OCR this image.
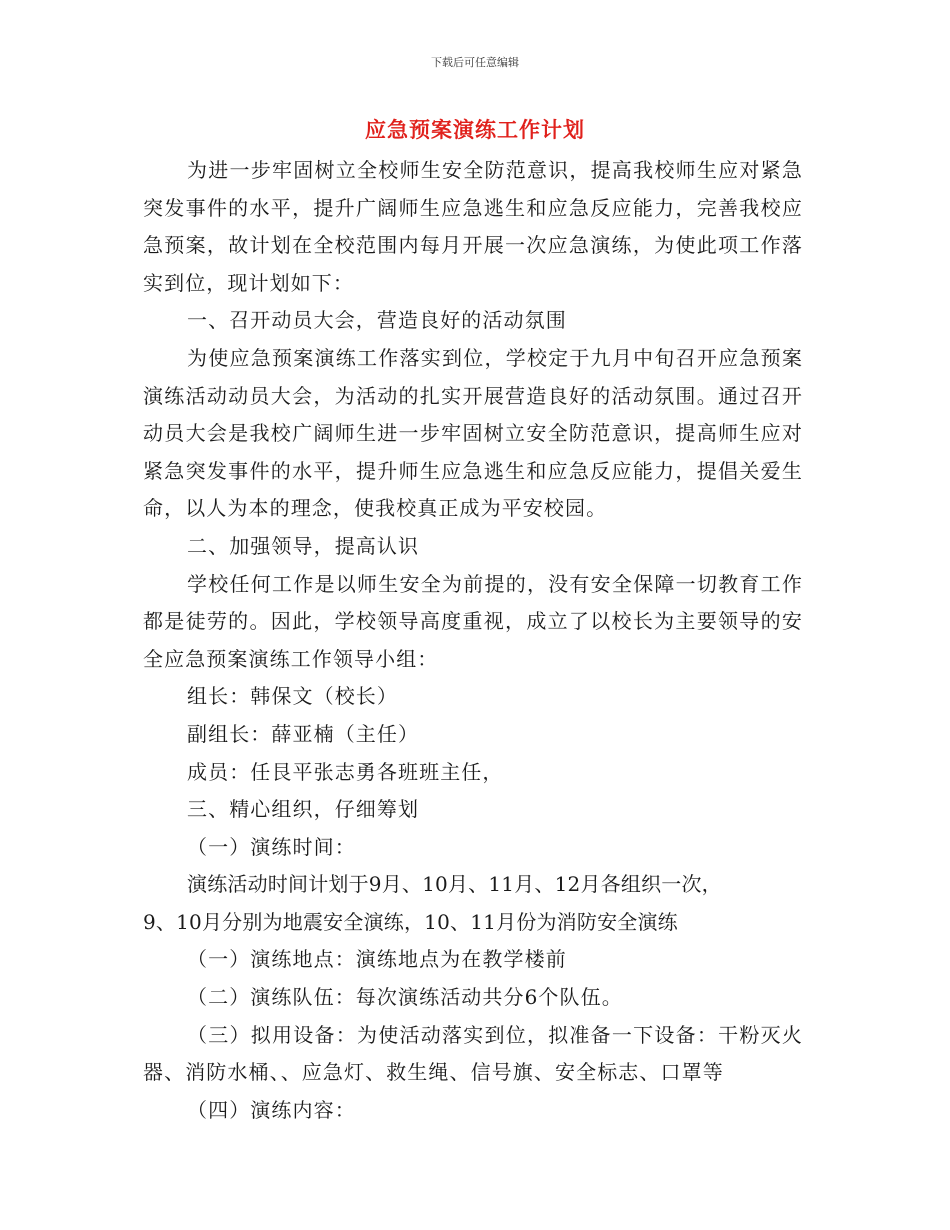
下载后可任意编辑
应急预案演练工作计划

为进一步牢固树立全校师生安全防范意识，提高我校师生应对紧急突发事件的水平，提升广阔师生应急逃生和应急反应能力，完善我校应急预案，故计划在全校范围内每月开展一次应急演练，为使此项工作落实到位，现计划如下：

一、召开动员大会，营造良好的活动氛围

为使应急预案演练工作落实到位，学校定于九月中旬召开应急预案演练活动动员大会，为活动的扎实开展营造良好的活动氛围。通过召开动员大会是我校广阔师生进一步牢固树立安全防范意识，提高师生应对紧急突发事件的水平，提升师生应急逃生和应急反应能力，提倡关爱生命，以人为本的理念，使我校真正成为平安校园。

二、加强领导，提高认识

学校任何工作是以师生安全为前提的，没有安全保障一切教育工作都是徒劳的。因此，学校领导高度重视，成立了以校长为主要领导的安全应急预案演练工作领导小组：

组长：韩保文（校长）

副组长：薛亚楠（主任）

成员：任艮平张志勇各班班主任，

三、精心组织，仔细筹划

（一）演练时间：

演练活动时间计划于9月、10月、11月、12月各组织一次，

9、10月分别为地震安全演练，10、11月份为消防安全演练

（一）演练地点：演练地点为在教学楼前

（二）演练队伍：每次演练活动共分6个队伍。

（三）拟用设备：为使活动落实到位，拟准备一下设备：干粉灭火器、消防水桶、、应急灯、救生绳、信号旗、安全标志、口罩等

（四）演练内容：
